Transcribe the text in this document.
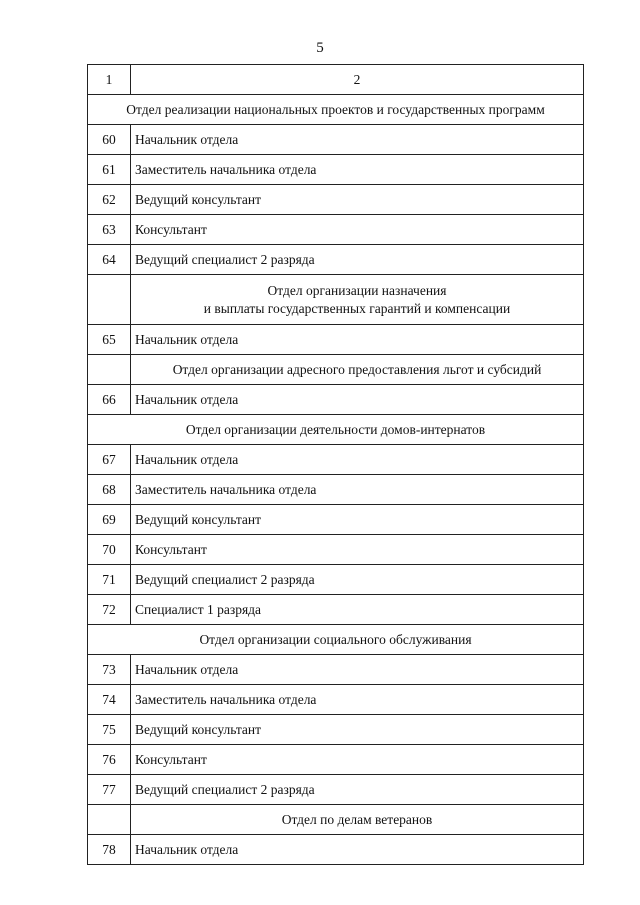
5
1	2

Отдел реализации национальных проектов и государственных программ	

60	Начальник отдела
61	Заместитель начальника отдела
62	Ведущий консультант
63	Консультант
64	Ведущий специалист 2 разряда

	Отдел организации назначения
и выплаты государственных гарантий и компенсации

65	Начальник отдела

	Отдел организации адресного предоставления льгот и субсидий

66	Начальник отдела

Отдел организации деятельности домов-интернатов	

67	Начальник отдела
68	Заместитель начальника отдела
69	Ведущий консультант
70	Консультант
71	Ведущий специалист 2 разряда
72	Специалист 1 разряда

Отдел организации социального обслуживания	

73	Начальник отдела
74	Заместитель начальника отдела
75	Ведущий консультант
76	Консультант
77	Ведущий специалист 2 разряда

	Отдел по делам ветеранов

78	Начальник отдела
